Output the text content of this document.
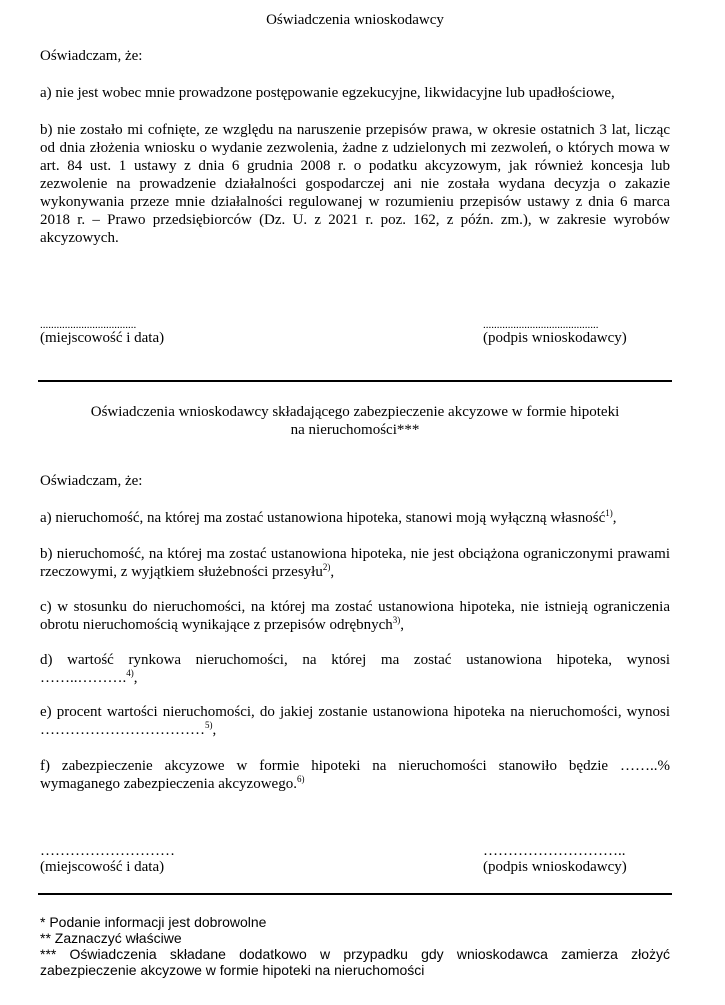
Oświadczenia wnioskodawcy
Oświadczam, że:
a) nie jest wobec mnie prowadzone postępowanie egzekucyjne, likwidacyjne lub upadłościowe,
b) nie zostało mi cofnięte, ze względu na naruszenie przepisów prawa, w okresie ostatnich 3 lat, licząc od dnia złożenia wniosku o wydanie zezwolenia, żadne z udzielonych mi zezwoleń, o których mowa w art. 84 ust. 1 ustawy z dnia 6 grudnia 2008 r. o podatku akcyzowym, jak również koncesja lub zezwolenie na prowadzenie działalności gospodarczej ani nie została wydana decyzja o zakazie wykonywania przeze mnie działalności regulowanej w rozumieniu przepisów ustawy z dnia 6 marca 2018 r. – Prawo przedsiębiorców (Dz. U. z 2021 r. poz. 162, z późn. zm.), w zakresie wyrobów akcyzowych.
...................................
(miejscowość i data)
..........................................
(podpis wnioskodawcy)
Oświadczenia wnioskodawcy składającego zabezpieczenie akcyzowe w formie hipoteki
na nieruchomości***
Oświadczam, że:
a) nieruchomość, na której ma zostać ustanowiona hipoteka, stanowi moją wyłączną własność$^{1)}$,
b) nieruchomość, na której ma zostać ustanowiona hipoteka, nie jest obciążona ograniczonymi prawami rzeczowymi, z wyjątkiem służebności przesyłu$^{2)}$,
c) w stosunku do nieruchomości, na której ma zostać ustanowiona hipoteka, nie istnieją ograniczenia obrotu nieruchomością wynikające z przepisów odrębnych$^{3)}$,
d) wartość rynkowa nieruchomości, na której ma zostać ustanowiona hipoteka, wynosi
……..……….$^{4)}$,
e) procent wartości nieruchomości, do jakiej zostanie ustanowiona hipoteka na nieruchomości, wynosi
……………………………$^{5)}$,
f) zabezpieczenie akcyzowe w formie hipoteki na nieruchomości stanowiło będzie ……..% wymaganego zabezpieczenia akcyzowego.$^{6)}$
………………………
(miejscowość i data)
………………………..
(podpis wnioskodawcy)
* Podanie informacji jest dobrowolne
** Zaznaczyć właściwe
*** Oświadczenia składane dodatkowo w przypadku gdy wnioskodawca zamierza złożyć zabezpieczenie akcyzowe w formie hipoteki na nieruchomości
